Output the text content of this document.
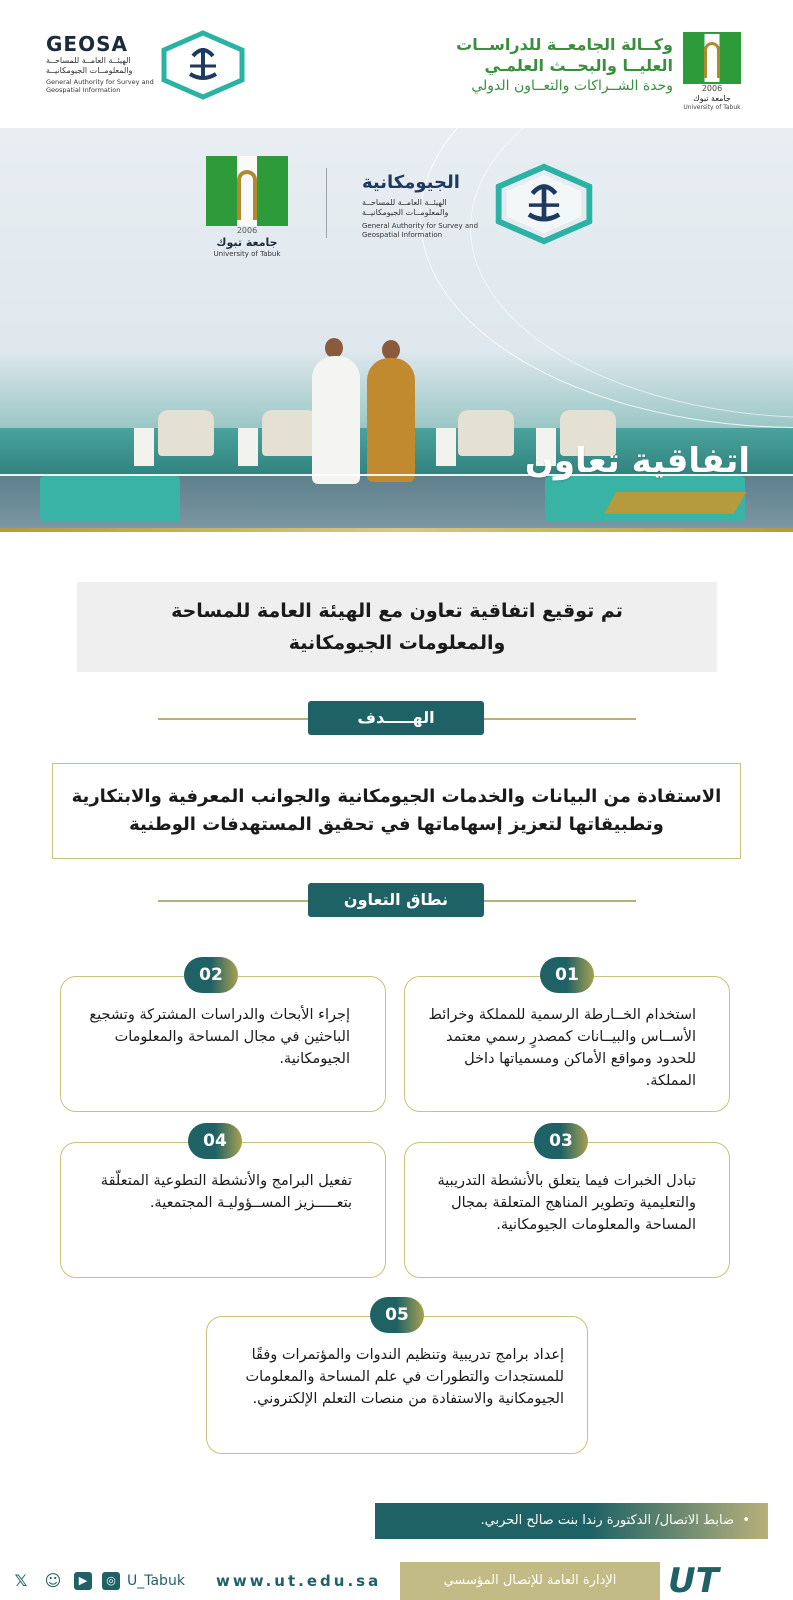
2006
جامعة تبوك
University of Tabuk
وكــالة الجامعــة للدراســات
العليــا والبحــث العلمـي
وحدة الشــراكات والتعــاون الدولي
GEOSA
الهيئــة العامــة للمساحــة والمعلومــات الجيومكانيــة
General Authority for Survey and Geospatial Information
2006
جامعة تبوك
University of Tabuk
الجيومكانية
الهيئــة العامــة للمساحــة والمعلومــات الجيومكانيــة
General Authority for Survey and Geospatial Information
اتفاقية تعاون
تم توقيع اتفاقية تعاون مع الهيئة العامة للمساحة والمعلومات الجيومكانية
الهـــــدف
الاستفادة من البيانات والخدمات الجيومكانية والجوانب المعرفية والابتكارية وتطبيقاتها لتعزيز إسهاماتها في تحقيق المستهدفات الوطنية
نطاق التعاون
01
استخدام الخــارطة الرسمية للمملكة وخرائط الأســاس والبيــانات كمصدرٍ رسمي معتمد للحدود ومواقع الأماكن ومسمياتها داخل المملكة.
02
إجراء الأبحاث والدراسات المشتركة وتشجيع الباحثين في مجال المساحة والمعلومات الجيومكانية.
03
تبادل الخبرات فيما يتعلق بالأنشطة التدريبية والتعليمية وتطوير المناهج المتعلقة بمجال المساحة والمعلومات الجيومكانية.
04
تفعيل البرامج والأنشطة التطوعية المتعلّقة بتعـــــزيز المســؤوليـة المجتمعية.
05
إعداد برامج تدريبية وتنظيم الندوات والمؤتمرات وفقًا للمستجدات والتطورات في علم المساحة والمعلومات الجيومكانية والاستفادة من منصات التعلم الإلكتروني.
•
ضابط الاتصال/ الدكتورة رندا بنت صالح الحربي.
UT
الإدارة العامة للإتصال المؤسسي
www.ut.edu.sa
U_Tabuk
◎
▶
☺
𝕏
